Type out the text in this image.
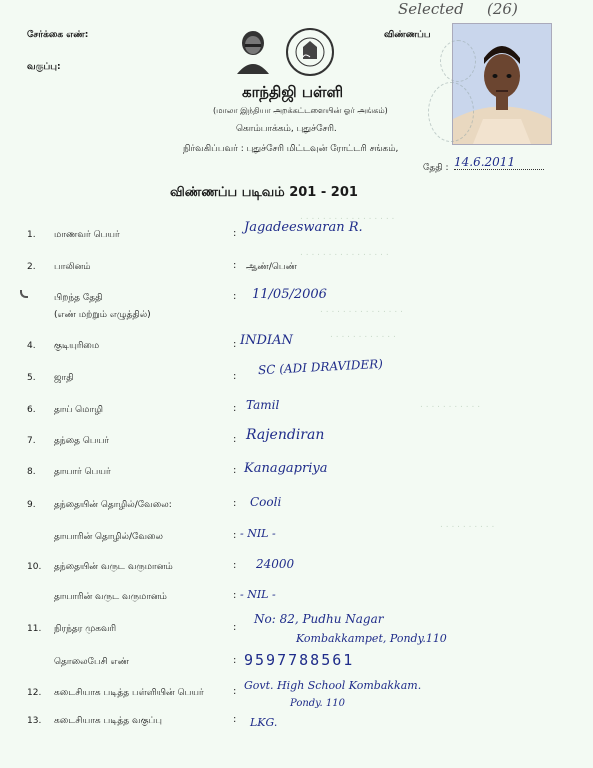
. . . . . . . . . . . . . . . . .
. . . . . . . . . . . . . . . .
. . . . . . . . . . . . . . .
. . . . . . . . . . . .
. . . . . . . . . . .
. . . . . . . . . .
Selected (26)
சேர்க்கை எண்:
வகுப்பு:
விண்ணப்ப
காந்திஜி பள்ளி
(மாலா இந்தியா அறக்கட்டளையின் ஓர் அங்கம்)
கொம்பாக்கம், புதுச்சேரி.
நிர்வகிப்பவர் : புதுச்சேரி மிட்டவுன் ரோட்டரி சங்கம்,
தேதி : 14.6.2011
விண்ணப்ப படிவம் 201 - 201
1. மாணவர் பெயர்	: Jagadeeswaran R.
2. பாலினம்	: ஆண்/பெண்
பிறந்த தேதி
(எண் மற்றும் எழுத்தில்)
: 11/05/2006
4. குடியுரிமை	: INDIAN
5. ஜாதி	: SC (ADI DRAVIDER)
6. தாய் மொழி	: Tamil
7. தந்தை பெயர்	: Rajendiran
8. தாயார் பெயர்	: Kanagapriya
9. தந்தையின் தொழில்/வேலை:	: Cooli
தாயாரின் தொழில்/வேலை	: - NIL -
10. தந்தையின் வருட வருமானம்	: 24000
தாயாரின் வருட வருமானம்	: - NIL -
11. நிரந்தர முகவரி	:
No: 82, Pudhu Nagar
Kombakkampet, Pondy.110
தொலைபேசி எண்	: 9597788561
12. கடைசியாக படித்த பள்ளியின் பெயர்	: Govt. High School Kombakkam.
Pondy. 110
13. கடைசியாக படித்த வகுப்பு	: LKG.
